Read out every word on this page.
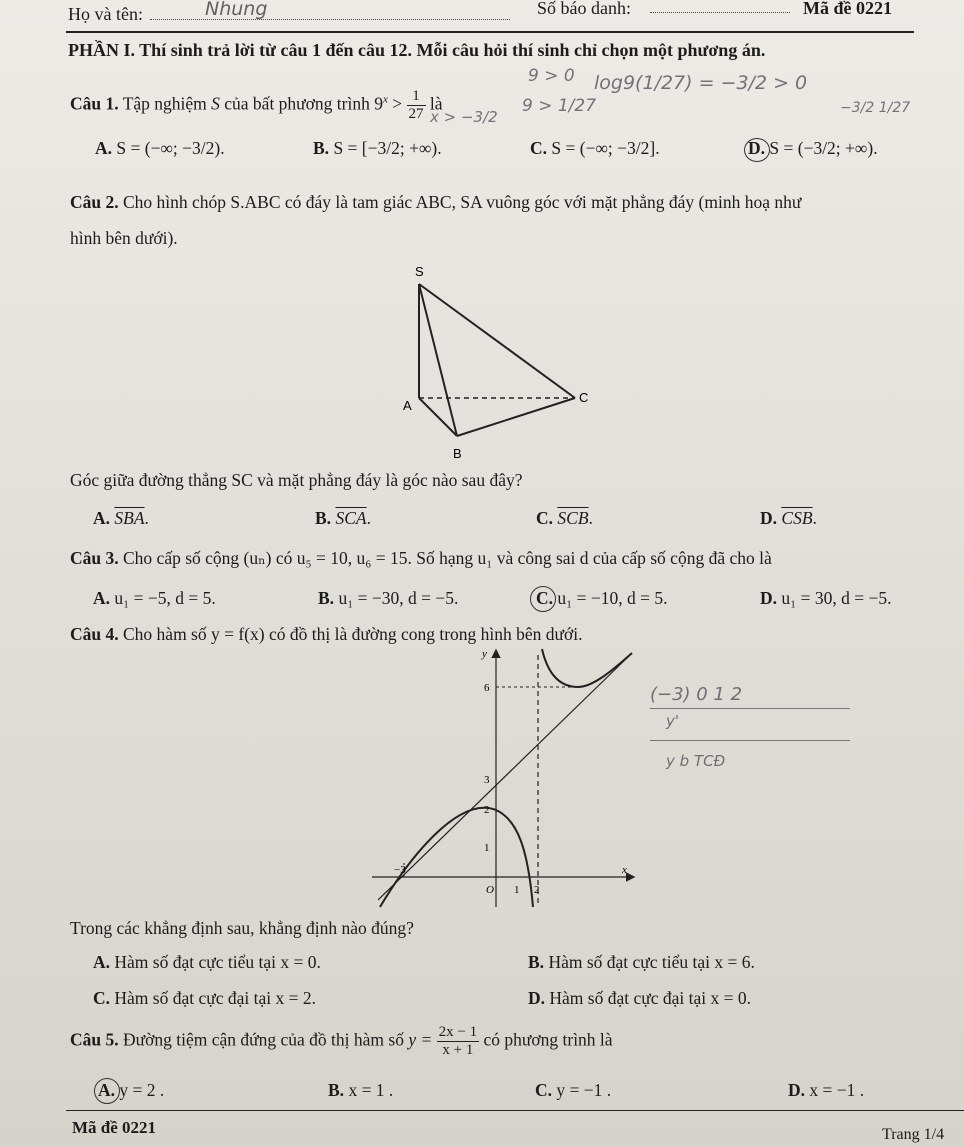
Họ và tên:	Nhung	Số báo danh:	Mã đề 0221
PHẦN I. Thí sinh trả lời từ câu 1 đến câu 12. Mỗi câu hỏi thí sinh chỉ chọn một phương án.
Câu 1. Tập nghiệm S của bất phương trình $9^x > \frac{1}{27}$ là
9 > 0
9 > 1/27
log9(1/27) = −3/2 > 0
x > −3/2	−3/2 1/27
A. S = (−∞; −3/2).	B. S = [−3/2; +∞).	C. S = (−∞; −3/2].	D. S = (−3/2; +∞).
Câu 2. Cho hình chóp S.ABC có đáy là tam giác ABC, SA vuông góc với mặt phẳng đáy (minh hoạ như
hình bên dưới).
S
A
B
C
Góc giữa đường thẳng SC và mặt phẳng đáy là góc nào sau đây?
A. $\overline{SBA}$.	B. $\overline{SCA}$.	C. $\overline{SCB}$.	D. $\overline{CSB}$.
Câu 3. Cho cấp số cộng (uₙ) có u₅ = 10, u₆ = 15. Số hạng u₁ và công sai d của cấp số cộng đã cho là
A. u₁ = −5, d = 5.	B. u₁ = −30, d = −5.	C. u₁ = −10, d = 5.	D. u₁ = 30, d = −5.
Câu 4. Cho hàm số y = f(x) có đồ thị là đường cong trong hình bên dưới.
y
x
O
6
3
2
1
−3
1 2
(−3) 0 1 2
y'
y b TCĐ
Trong các khẳng định sau, khẳng định nào đúng?
A. Hàm số đạt cực tiểu tại x = 0.	B. Hàm số đạt cực tiểu tại x = 6.
C. Hàm số đạt cực đại tại x = 2.	D. Hàm số đạt cực đại tại x = 0.
Câu 5. Đường tiệm cận đứng của đồ thị hàm số $y = \frac{2x - 1}{x + 1}$ có phương trình là
A. y = 2 .	B. x = 1 .	C. y = −1 .	D. x = −1 .
Mã đề 0221	Trang 1/4
